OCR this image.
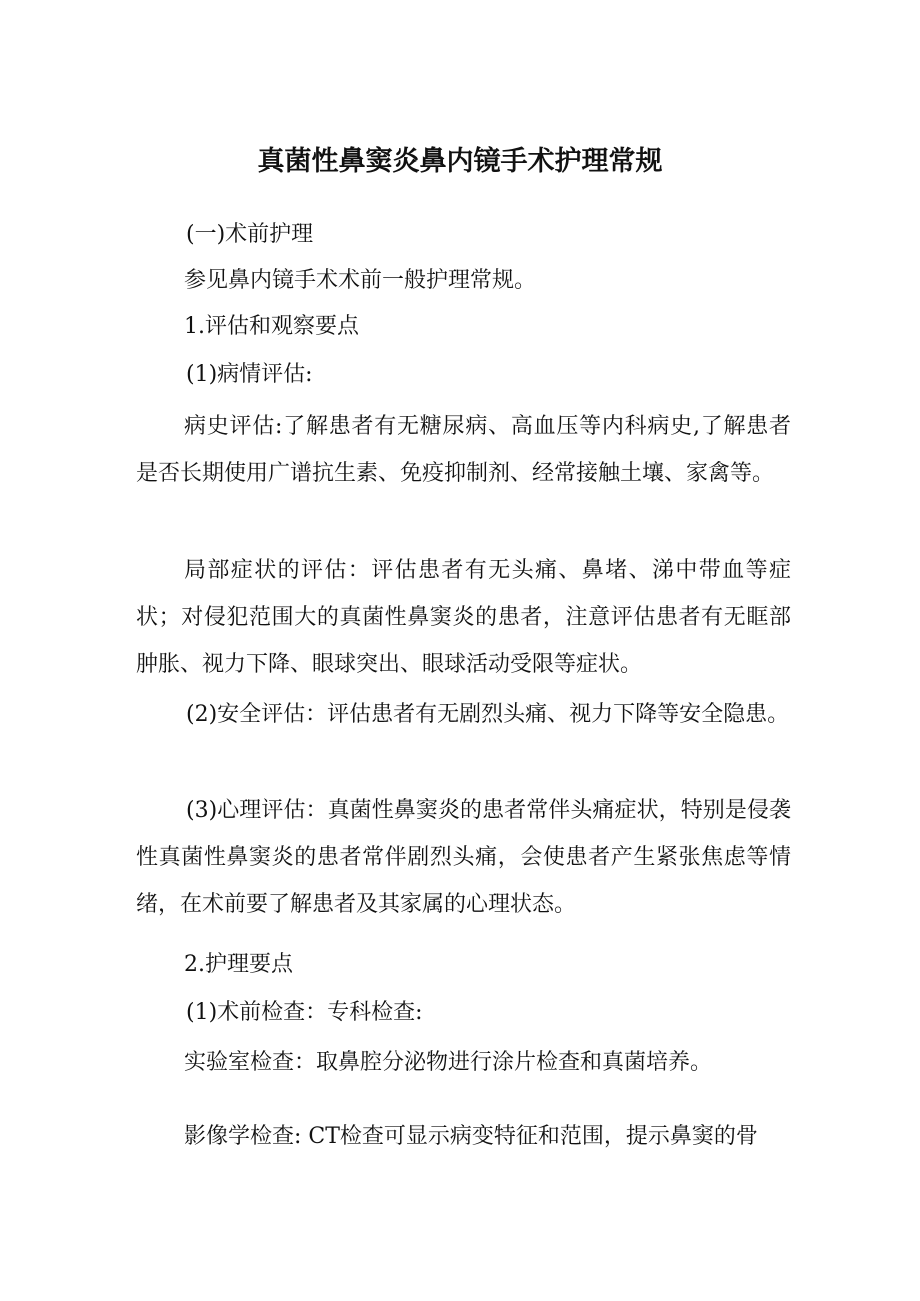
真菌性鼻窦炎鼻内镜手术护理常规

(一)术前护理

参见鼻内镜手术术前一般护理常规。

1.评估和观察要点

(1)病情评估:

病史评估:了解患者有无糖尿病、高血压等内科病史,了解患者是否长期使用广谱抗生素、免疫抑制剂、经常接触土壤、家禽等。

局部症状的评估：评估患者有无头痛、鼻堵、涕中带血等症状；对侵犯范围大的真菌性鼻窦炎的患者，注意评估患者有无眶部肿胀、视力下降、眼球突出、眼球活动受限等症状。

(2)安全评估：评估患者有无剧烈头痛、视力下降等安全隐患。

(3)心理评估：真菌性鼻窦炎的患者常伴头痛症状，特别是侵袭性真菌性鼻窦炎的患者常伴剧烈头痛，会使患者产生紧张焦虑等情绪，在术前要了解患者及其家属的心理状态。

2.护理要点

(1)术前检查：专科检查:

实验室检查：取鼻腔分泌物进行涂片检查和真菌培养。

影像学检查: CT检查可显示病变特征和范围，提示鼻窦的骨
